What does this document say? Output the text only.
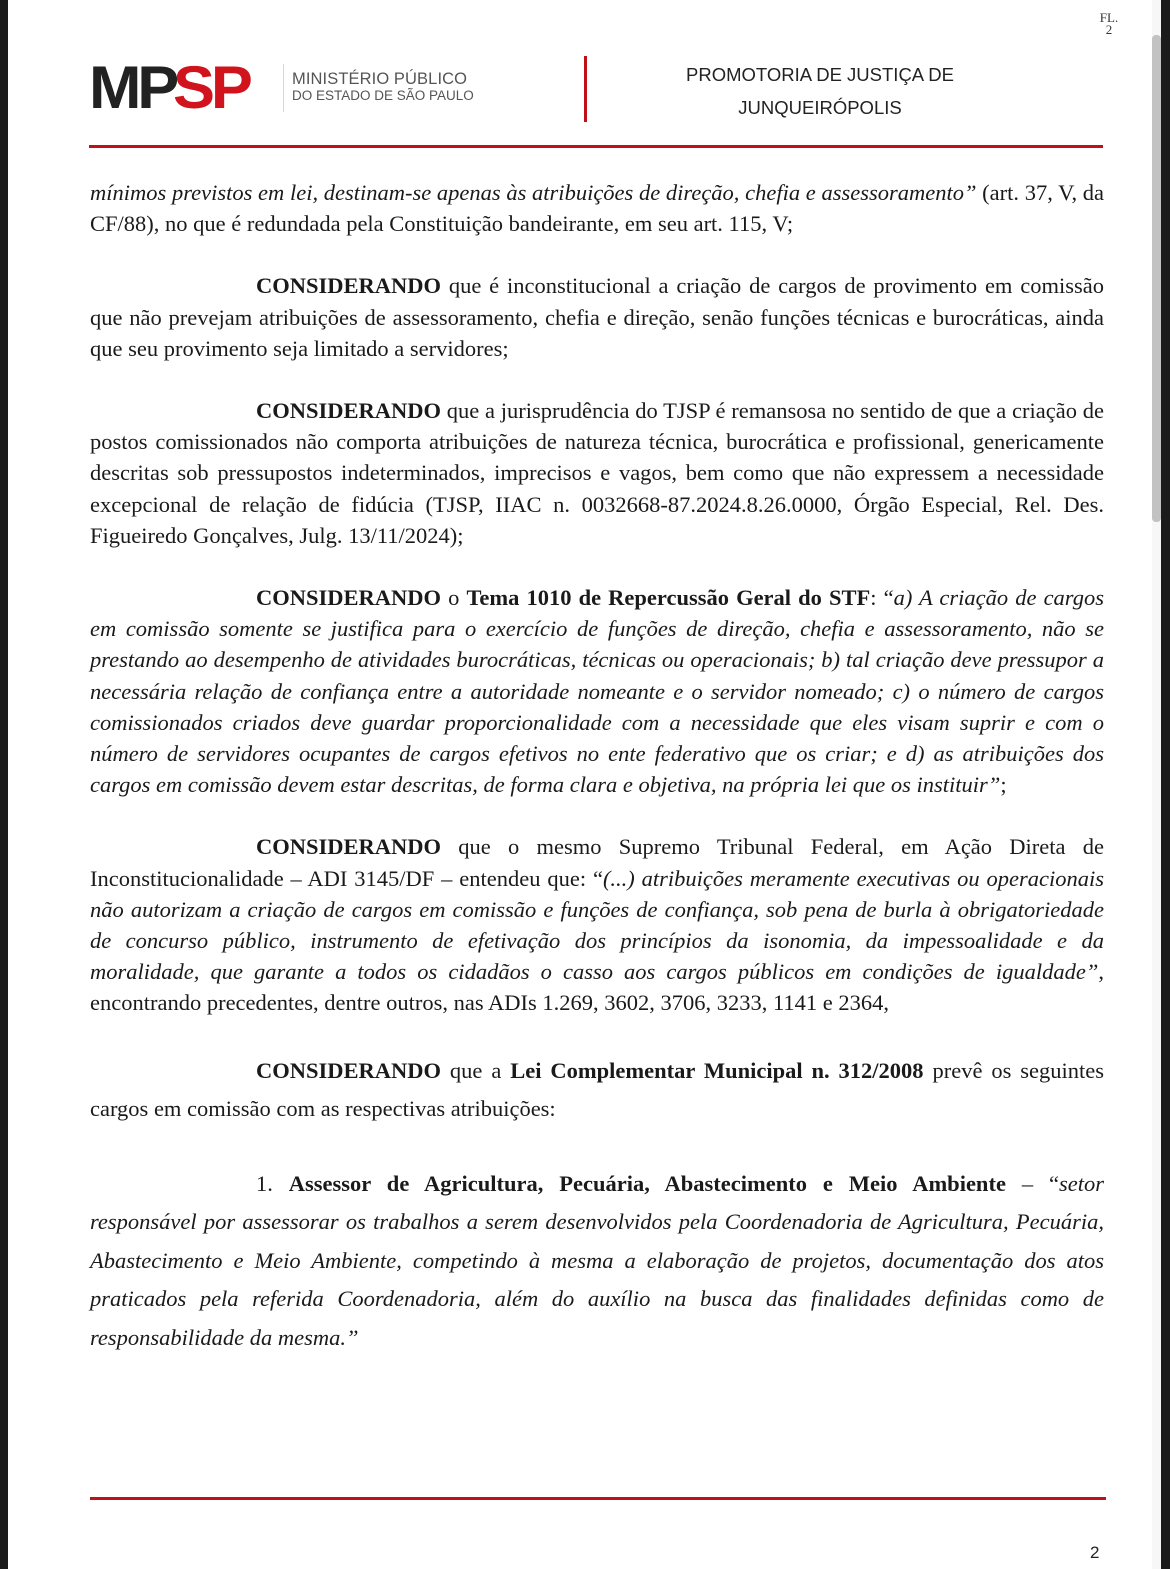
FL.
2
MP
SP	MINISTÉRIO PÚBLICO
DO ESTADO DE SÃO PAULO
PROMOTORIA DE JUSTIÇA DE
JUNQUEIRÓPOLIS

mínimos previstos em lei, destinam-se apenas às atribuições de direção, chefia e assessoramento” (art. 37, V, da CF/88), no que é redundada pela Constituição bandeirante, em seu art. 115, V;

CONSIDERANDO que é inconstitucional a criação de cargos de provimento em comissão que não prevejam atribuições de assessoramento, chefia e direção, senão funções técnicas e burocráticas, ainda que seu provimento seja limitado a servidores;

CONSIDERANDO que a jurisprudência do TJSP é remansosa no sentido de que a criação de postos comissionados não comporta atribuições de natureza técnica, burocrática e profissional, genericamente descritas sob pressupostos indeterminados, imprecisos e vagos, bem como que não expressem a necessidade excepcional de relação de fidúcia (TJSP, IIAC n. 0032668-87.2024.8.26.0000, Órgão Especial, Rel. Des. Figueiredo Gonçalves, Julg. 13/11/2024);

CONSIDERANDO o Tema 1010 de Repercussão Geral do STF: “a) A criação de cargos em comissão somente se justifica para o exercício de funções de direção, chefia e assessoramento, não se prestando ao desempenho de atividades burocráticas, técnicas ou operacionais; b) tal criação deve pressupor a necessária relação de confiança entre a autoridade nomeante e o servidor nomeado; c) o número de cargos comissionados criados deve guardar proporcionalidade com a necessidade que eles visam suprir e com o número de servidores ocupantes de cargos efetivos no ente federativo que os criar; e d) as atribuições dos cargos em comissão devem estar descritas, de forma clara e objetiva, na própria lei que os instituir”;

CONSIDERANDO que o mesmo Supremo Tribunal Federal, em Ação Direta de Inconstitucionalidade – ADI 3145/DF – entendeu que: “(...) atribuições meramente executivas ou operacionais não autorizam a criação de cargos em comissão e funções de confiança, sob pena de burla à obrigatoriedade de concurso público, instrumento de efetivação dos princípios da isonomia, da impessoalidade e da moralidade, que garante a todos os cidadãos o casso aos cargos públicos em condições de igualdade”, encontrando precedentes, dentre outros, nas ADIs 1.269, 3602, 3706, 3233, 1141 e 2364,

CONSIDERANDO que a Lei Complementar Municipal n. 312/2008 prevê os seguintes cargos em comissão com as respectivas atribuições:

1. Assessor de Agricultura, Pecuária, Abastecimento e Meio Ambiente – “setor responsável por assessorar os trabalhos a serem desenvolvidos pela Coordenadoria de Agricultura, Pecuária, Abastecimento e Meio Ambiente, competindo à mesma a elaboração de projetos, documentação dos atos praticados pela referida Coordenadoria, além do auxílio na busca das finalidades definidas como de responsabilidade da mesma.”

2
